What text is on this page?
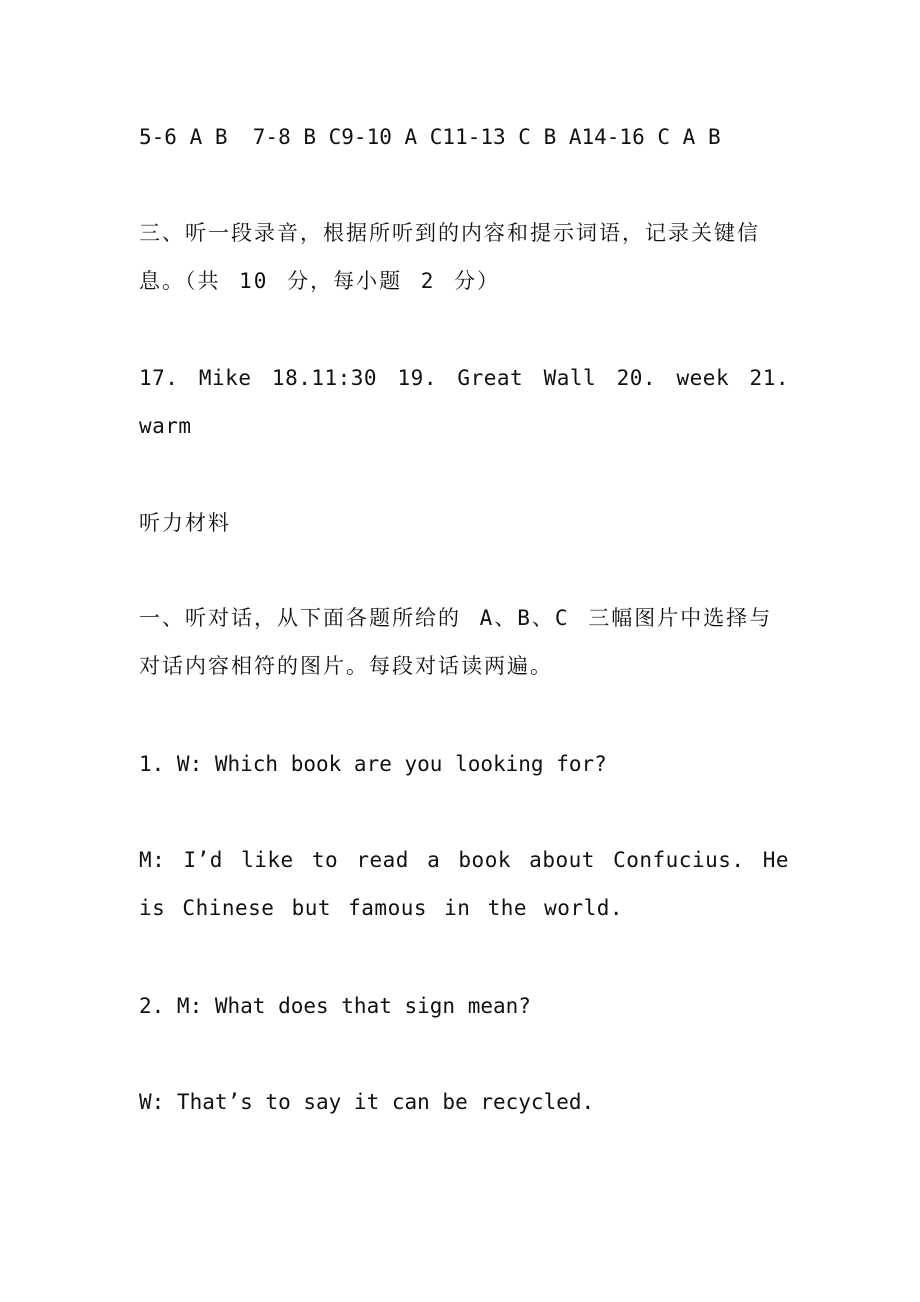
5-6 A B  7-8 B C9-10 A C11-13 C B A14-16 C A B
三、听一段录音，根据所听到的内容和提示词语，记录关键信息。（共 10 分，每小题 2 分）
17. Mike 18.11:30 19. Great Wall 20. week 21. warm
听力材料
一、听对话，从下面各题所给的 A、B、C 三幅图片中选择与对话内容相符的图片。每段对话读两遍。
1. W: Which book are you looking for?
M: I’d like to read a book about Confucius. He is Chinese but famous in the world.
2. M: What does that sign mean?
W: That’s to say it can be recycled.
